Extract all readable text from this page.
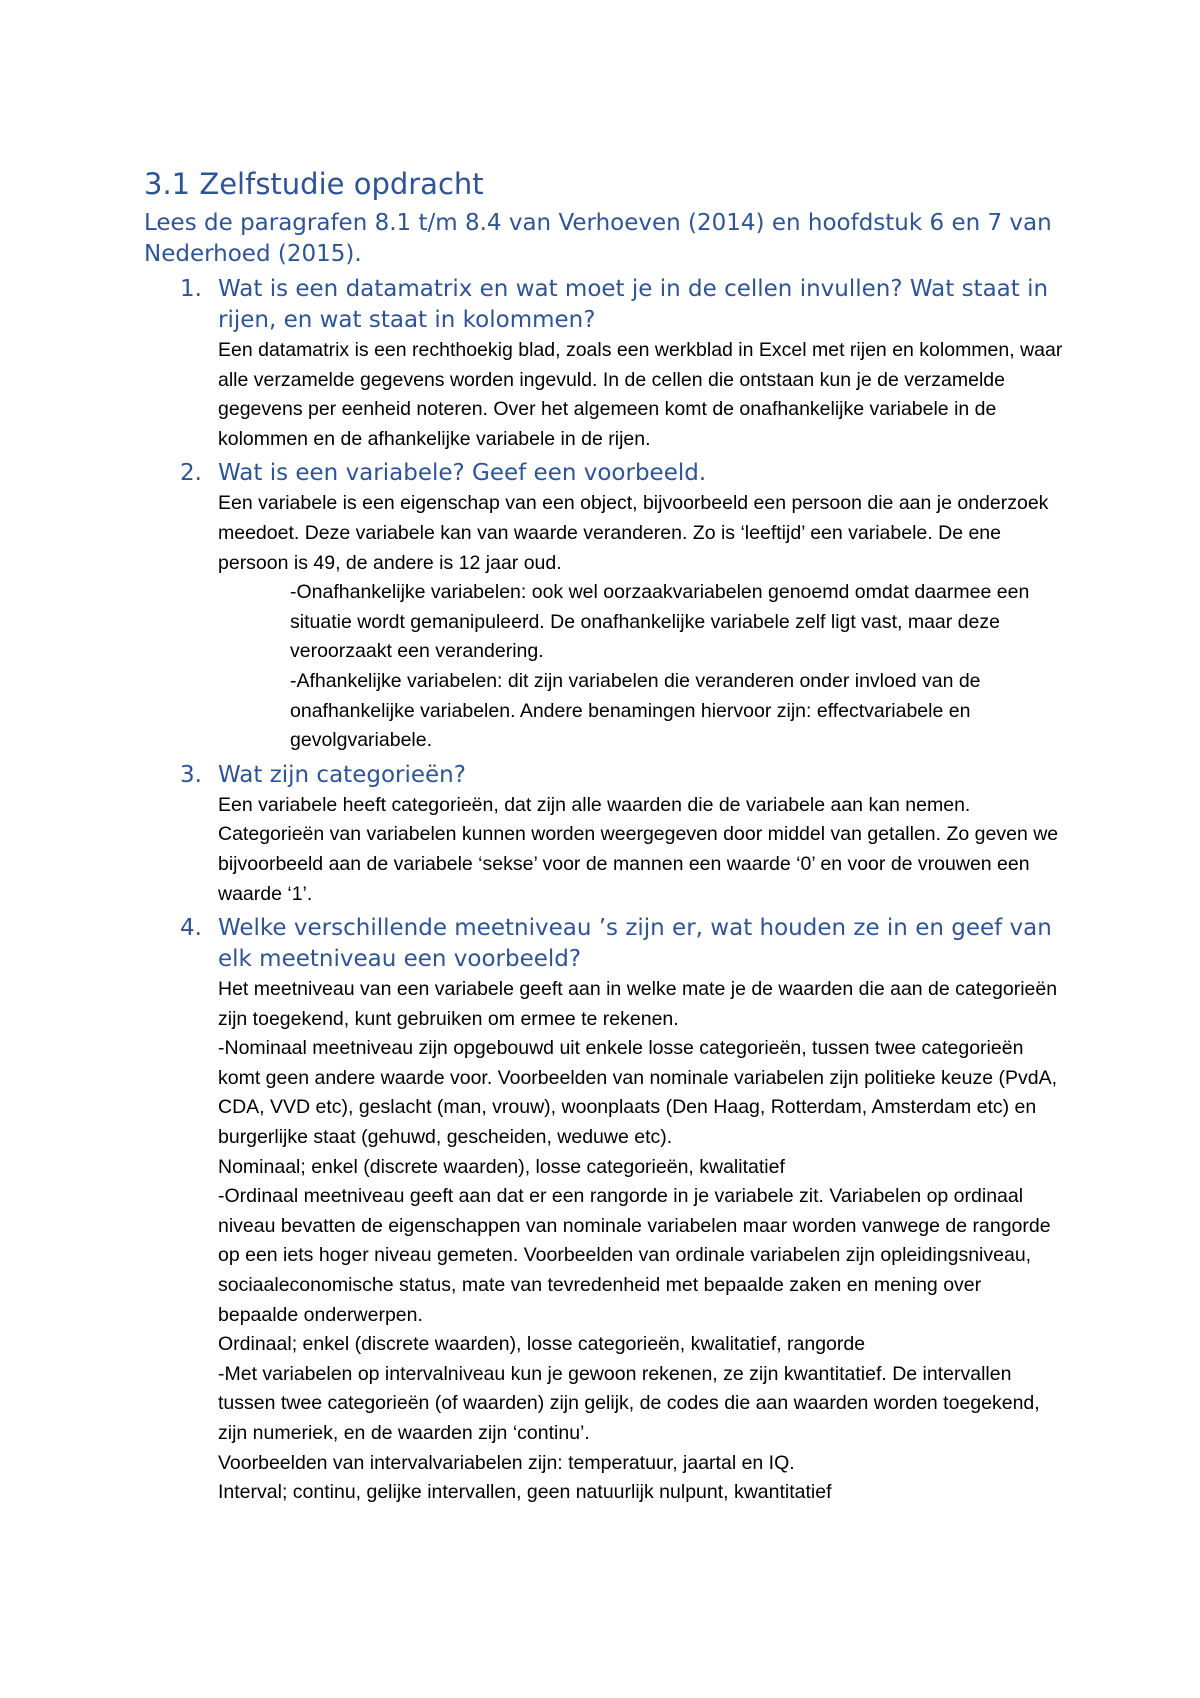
3.1 Zelfstudie opdracht
Lees de paragrafen 8.1 t/m 8.4 van Verhoeven (2014) en hoofdstuk 6 en 7 van Nederhoed (2015).
1. Wat is een datamatrix en wat moet je in de cellen invullen? Wat staat in rijen, en wat staat in kolommen?

Een datamatrix is een rechthoekig blad, zoals een werkblad in Excel met rijen en kolommen, waar alle verzamelde gegevens worden ingevuld. In de cellen die ontstaan kun je de verzamelde gegevens per eenheid noteren. Over het algemeen komt de onafhankelijke variabele in de kolommen en de afhankelijke variabele in de rijen.

2. Wat is een variabele? Geef een voorbeeld.

Een variabele is een eigenschap van een object, bijvoorbeeld een persoon die aan je onderzoek meedoet. Deze variabele kan van waarde veranderen. Zo is ‘leeftijd’ een variabele. De ene persoon is 49, de andere is 12 jaar oud.

-Onafhankelijke variabelen: ook wel oorzaakvariabelen genoemd omdat daarmee een situatie wordt gemanipuleerd. De onafhankelijke variabele zelf ligt vast, maar deze veroorzaakt een verandering.

-Afhankelijke variabelen: dit zijn variabelen die veranderen onder invloed van de onafhankelijke variabelen. Andere benamingen hiervoor zijn: effectvariabele en gevolgvariabele.

3. Wat zijn categorieën?

Een variabele heeft categorieën, dat zijn alle waarden die de variabele aan kan nemen. Categorieën van variabelen kunnen worden weergegeven door middel van getallen. Zo geven we bijvoorbeeld aan de variabele ‘sekse’ voor de mannen een waarde ‘0’ en voor de vrouwen een waarde ‘1’.

4. Welke verschillende meetniveau ’s zijn er, wat houden ze in en geef van elk meetniveau een voorbeeld?

Het meetniveau van een variabele geeft aan in welke mate je de waarden die aan de categorieën zijn toegekend, kunt gebruiken om ermee te rekenen.

-Nominaal meetniveau zijn opgebouwd uit enkele losse categorieën, tussen twee categorieën komt geen andere waarde voor. Voorbeelden van nominale variabelen zijn politieke keuze (PvdA, CDA, VVD etc), geslacht (man, vrouw), woonplaats (Den Haag, Rotterdam, Amsterdam etc) en burgerlijke staat (gehuwd, gescheiden, weduwe etc).

Nominaal; enkel (discrete waarden), losse categorieën, kwalitatief

-Ordinaal meetniveau geeft aan dat er een rangorde in je variabele zit. Variabelen op ordinaal niveau bevatten de eigenschappen van nominale variabelen maar worden vanwege de rangorde op een iets hoger niveau gemeten. Voorbeelden van ordinale variabelen zijn opleidingsniveau, sociaaleconomische status, mate van tevredenheid met bepaalde zaken en mening over bepaalde onderwerpen.

Ordinaal; enkel (discrete waarden), losse categorieën, kwalitatief, rangorde

-Met variabelen op intervalniveau kun je gewoon rekenen, ze zijn kwantitatief. De intervallen tussen twee categorieën (of waarden) zijn gelijk, de codes die aan waarden worden toegekend, zijn numeriek, en de waarden zijn ‘continu’.

Voorbeelden van intervalvariabelen zijn: temperatuur, jaartal en IQ.

Interval; continu, gelijke intervallen, geen natuurlijk nulpunt, kwantitatief
